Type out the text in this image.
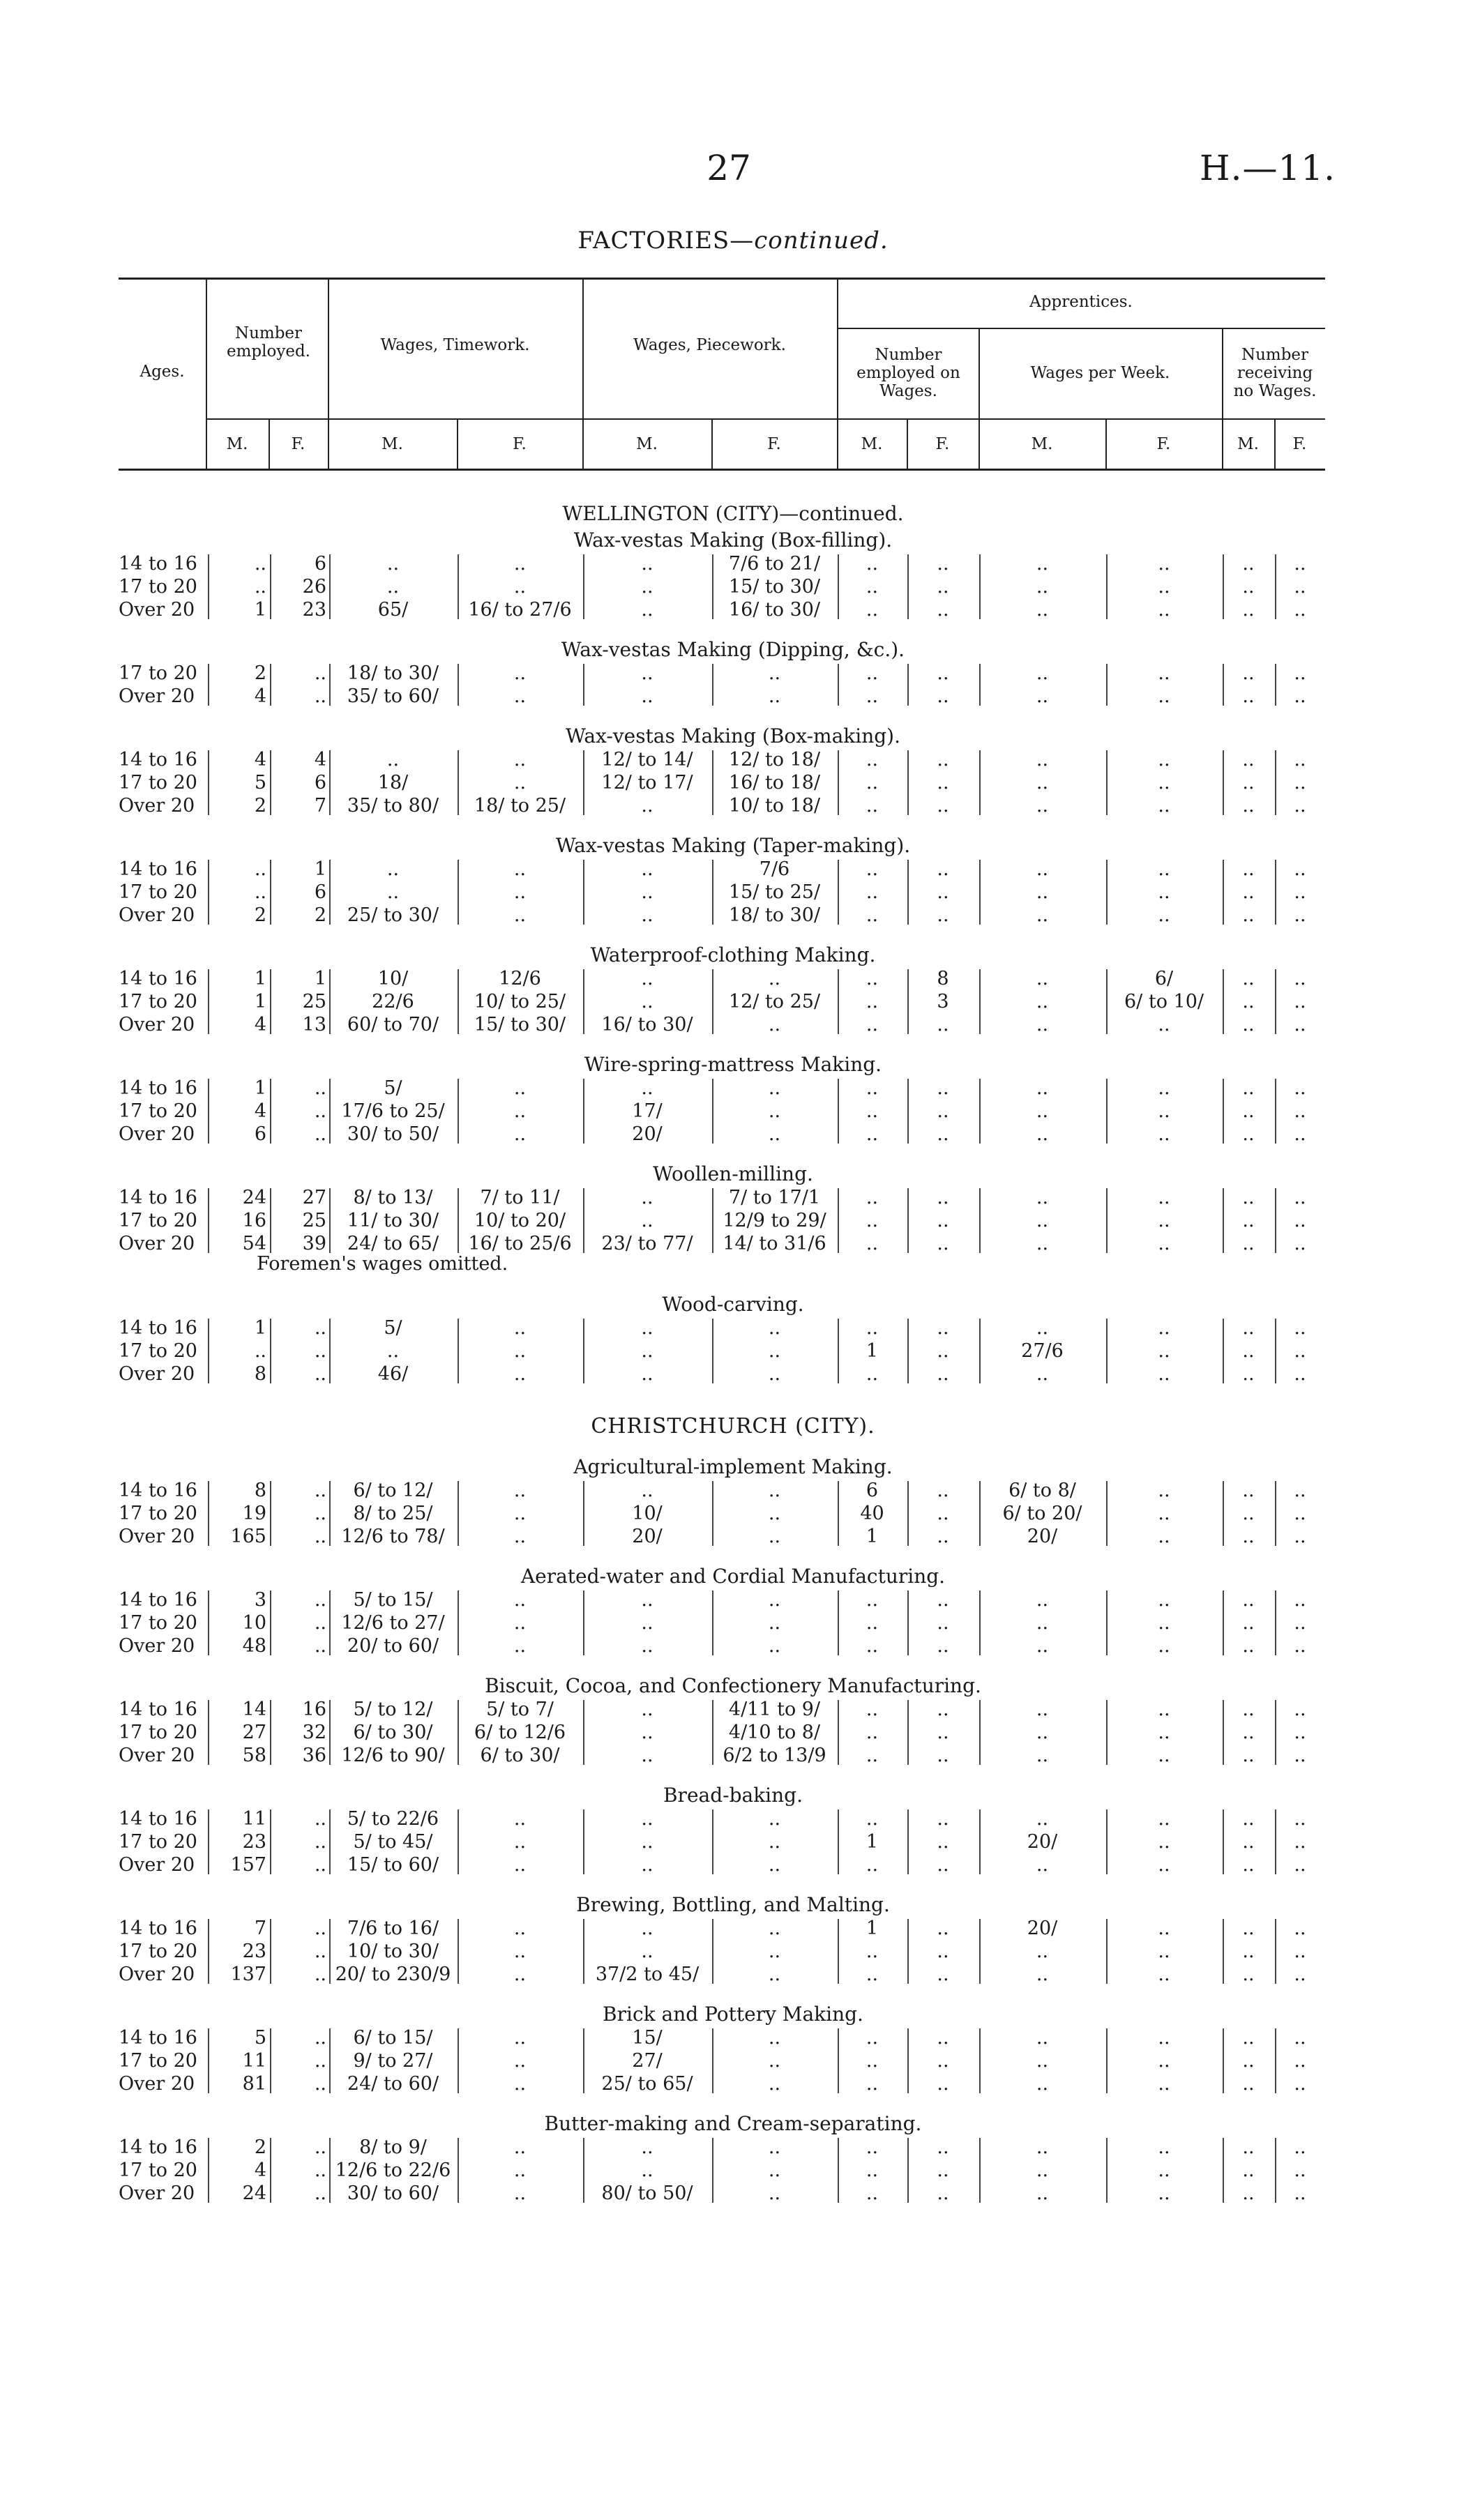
27	H.—11.
FACTORIES—continued.
Ages.
Number employed.	Wages, Timework.	Wages, Piecework.
Apprentices.
Number employed on Wages.
Wages per Week.
Number receiving no Wages.
M.	F.	M.	F.	M.	F.	M.	F.	M.	F.	M.	F.
WELLINGTON (CITY)—continued.
Wax-vestas Making (Box-filling).
14 to 16	..	6	..	..	..	7/6 to 21/	..	..	..	..	..	..
17 to 20	..	26	..	..	..	15/ to 30/	..	..	..	..	..	..
Over 20	1	23	65/	16/ to 27/6	..	16/ to 30/	..	..	..	..	..	..
Wax-vestas Making (Dipping, &c.).
17 to 20	2	..	18/ to 30/	..	..	..	..	..	..	..	..	..
Over 20	4	..	35/ to 60/	..	..	..	..	..	..	..	..	..
Wax-vestas Making (Box-making).
14 to 16	4	4	..	..	12/ to 14/	12/ to 18/	..	..	..	..	..	..
17 to 20	5	6	18/	..	12/ to 17/	16/ to 18/	..	..	..	..	..	..
Over 20	2	7	35/ to 80/	18/ to 25/	..	10/ to 18/	..	..	..	..	..	..
Wax-vestas Making (Taper-making).
14 to 16	..	1	..	..	..	7/6	..	..	..	..	..	..
17 to 20	..	6	..	..	..	15/ to 25/	..	..	..	..	..	..
Over 20	2	2	25/ to 30/	..	..	18/ to 30/	..	..	..	..	..	..
Waterproof-clothing Making.
14 to 16	1	1	10/	12/6	..	..	..	8	..	6/	..	..
17 to 20	1	25	22/6	10/ to 25/	..	12/ to 25/	..	3	..	6/ to 10/	..	..
Over 20	4	13	60/ to 70/	15/ to 30/	16/ to 30/	..	..	..	..	..	..	..
Wire-spring-mattress Making.
14 to 16	1	..	5/	..	..	..	..	..	..	..	..	..
17 to 20	4	.. 17/6 to 25/	..	17/	..	..	..	..	..	..	..
Over 20	6	..	30/ to 50/	..	20/	..	..	..	..	..	..	..
Woollen-milling.
14 to 16	24	27	8/ to 13/	7/ to 11/	..	7/ to 17/1	..	..	..	..	..	..
17 to 20	16	25	11/ to 30/	10/ to 20/	..	12/9 to 29/	..	..	..	..	..	..
Over 20	54	39	24/ to 65/	16/ to 25/6	23/ to 77/	14/ to 31/6	..	..	..	..	..	..
Foremen's wages omitted.
Wood-carving.
14 to 16	1	..	5/	..	..	..	..	..	..	..	..	..
17 to 20	..	..	..	..	..	..	1	..	27/6	..	..	..
Over 20	8	..	46/	..	..	..	..	..	..	..	..	..
CHRISTCHURCH (CITY).
Agricultural-implement Making.
14 to 16	8	..	6/ to 12/	..	..	..	6	..	6/ to 8/	..	..	..
17 to 20	19	..	8/ to 25/	..	10/	..	40	..	6/ to 20/	..	..	..
Over 20	165	.. 12/6 to 78/	..	20/	..	1	..	20/	..	..	..
Aerated-water and Cordial Manufacturing.
14 to 16	3	..	5/ to 15/	..	..	..	..	..	..	..	..	..
17 to 20	10	.. 12/6 to 27/	..	..	..	..	..	..	..	..	..
Over 20	48	..	20/ to 60/	..	..	..	..	..	..	..	..	..
Biscuit, Cocoa, and Confectionery Manufacturing.
14 to 16	14	16	5/ to 12/	5/ to 7/	..	4/11 to 9/	..	..	..	..	..	..
17 to 20	27	32	6/ to 30/	6/ to 12/6	..	4/10 to 8/	..	..	..	..	..	..
Over 20	58	36 12/6 to 90/	6/ to 30/	..	6/2 to 13/9	..	..	..	..	..	..
Bread-baking.
14 to 16	11	..	5/ to 22/6	..	..	..	..	..	..	..	..	..
17 to 20	23	..	5/ to 45/	..	..	..	1	..	20/	..	..	..
Over 20	157	..	15/ to 60/	..	..	..	..	..	..	..	..	..
Brewing, Bottling, and Malting.
14 to 16	7	..	7/6 to 16/	..	..	..	1	..	20/	..	..	..
17 to 20	23	..	10/ to 30/	..	..	..	..	..	..	..	..	..
Over 20	137	.. 20/ to 230/9	..	37/2 to 45/	..	..	..	..	..	..	..
Brick and Pottery Making.
14 to 16	5	..	6/ to 15/	..	15/	..	..	..	..	..	..	..
17 to 20	11	..	9/ to 27/	..	27/	..	..	..	..	..	..	..
Over 20	81	..	24/ to 60/	..	25/ to 65/	..	..	..	..	..	..	..
Butter-making and Cream-separating.
14 to 16	2	..	8/ to 9/	..	..	..	..	..	..	..	..	..
17 to 20	4	.. 12/6 to 22/6	..	..	..	..	..	..	..	..	..
Over 20	24	..	30/ to 60/	..	80/ to 50/	..	..	..	..	..	..	..
